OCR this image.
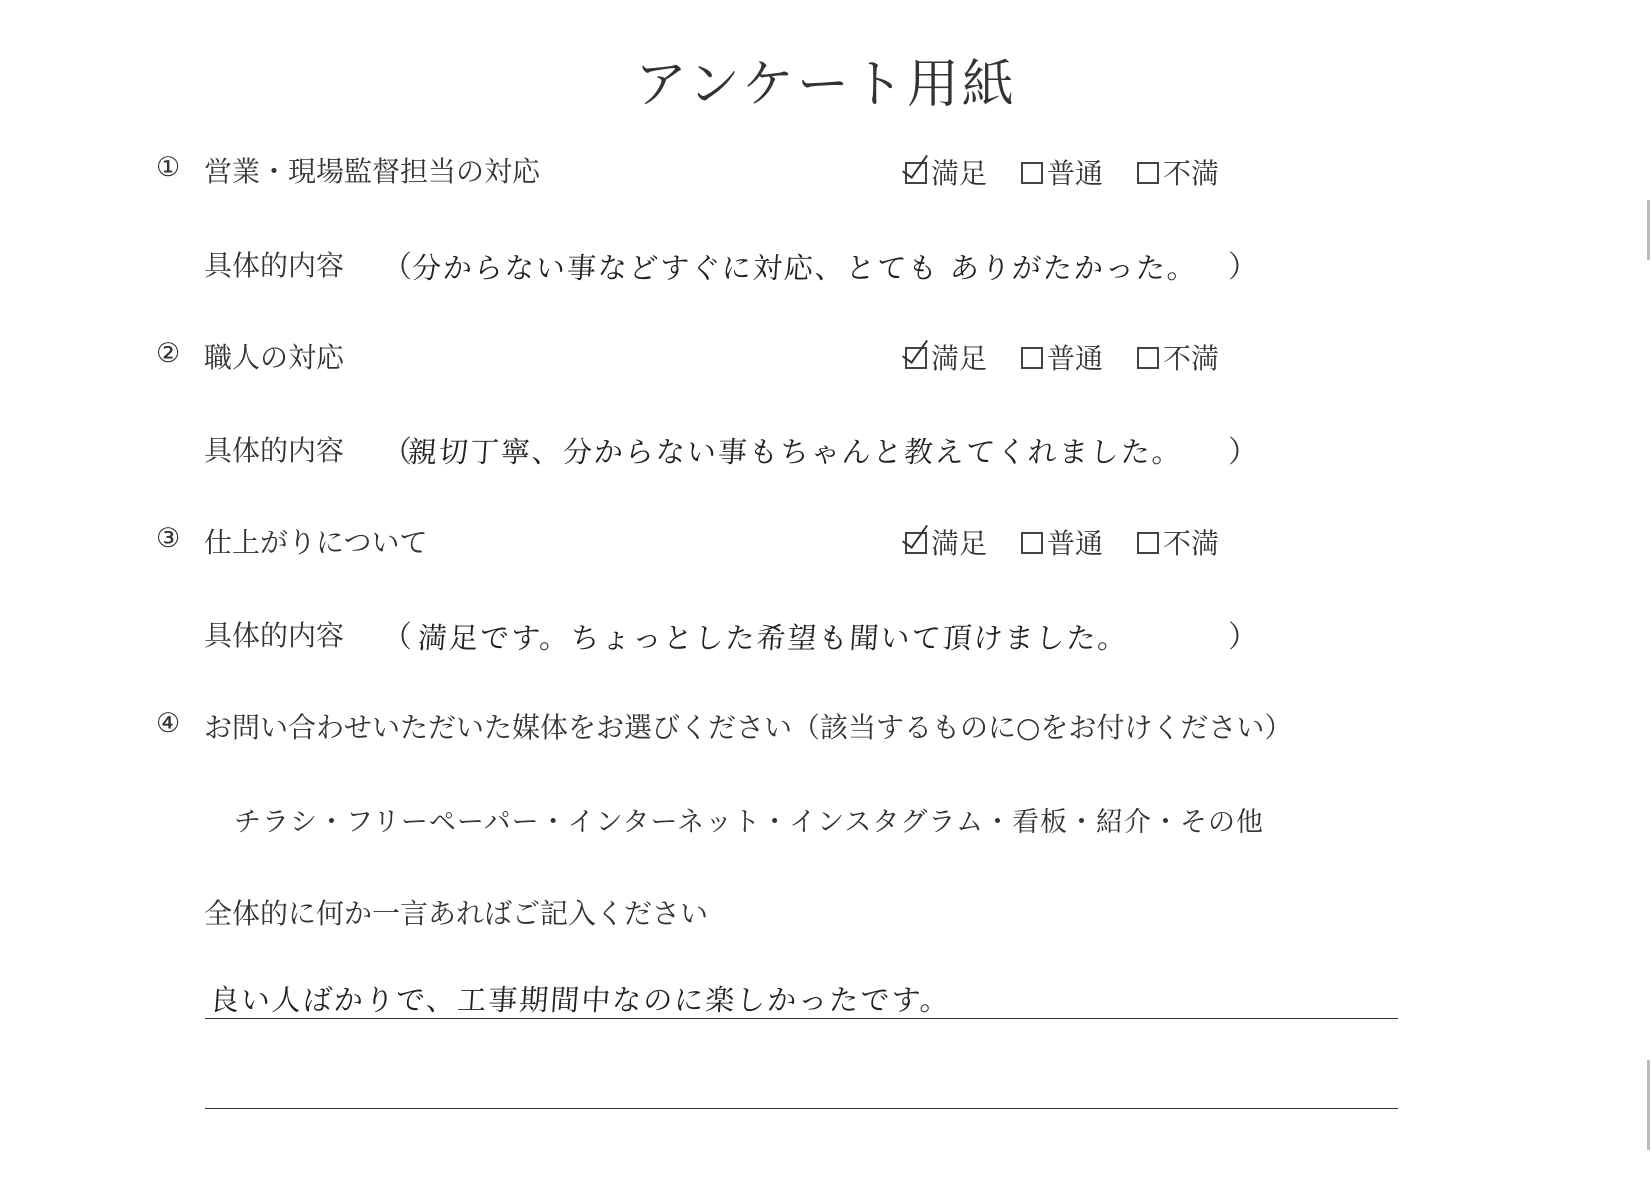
アンケート用紙
① 営業・現場監督担当の対応	満足 普通 不満
具体的内容 （
分からない事などすぐに対応、とても ありがたかった。 ）
② 職人の対応	満足 普通 不満
具体的内容 （
親切丁寧、分からない事もちゃんと教えてくれました。 ）
③ 仕上がりについて	満足 普通 不満
具体的内容 （ 満足です。ちょっとした希望も聞いて頂けました。	）
④ お問い合わせいただいた媒体をお選びください（該当するものに○をお付けください）
チラシ・フリーペーパー・インターネット・インスタグラム・看板・紹介・その他
全体的に何か一言あればご記入ください
良い人ばかりで、工事期間中なのに楽しかったです。
